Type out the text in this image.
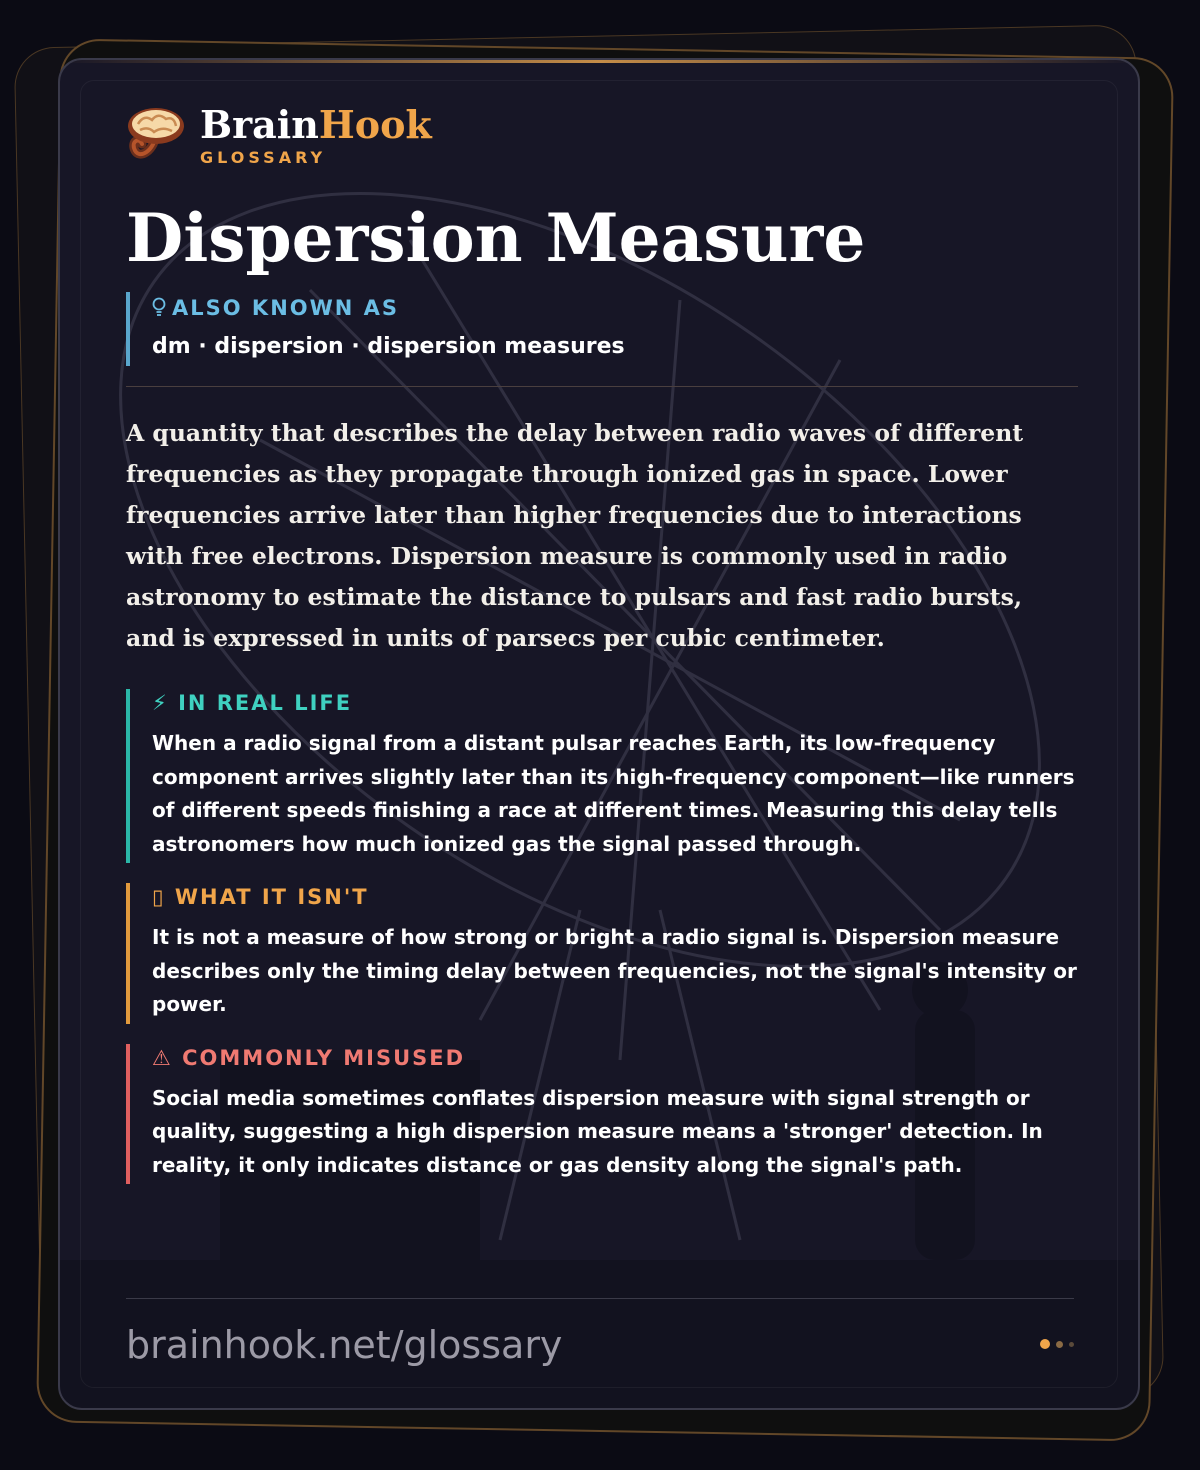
BrainHook
GLOSSARY
Dispersion Measure
ALSO KNOWN AS
dm · dispersion · dispersion measures
A quantity that describes the delay between radio waves of different frequencies as they propagate through ionized gas in space. Lower frequencies arrive later than higher frequencies due to interactions with free electrons. Dispersion measure is commonly used in radio astronomy to estimate the distance to pulsars and fast radio bursts, and is expressed in units of parsecs per cubic centimeter.
⚡ IN REAL LIFE
When a radio signal from a distant pulsar reaches Earth, its low-frequency component arrives slightly later than its high-frequency component—like runners of different speeds finishing a race at different times. Measuring this delay tells astronomers how much ionized gas the signal passed through.
▯ WHAT IT ISN'T
It is not a measure of how strong or bright a radio signal is. Dispersion measure describes only the timing delay between frequencies, not the signal's intensity or power.
⚠ COMMONLY MISUSED
Social media sometimes conflates dispersion measure with signal strength or quality, suggesting a high dispersion measure means a 'stronger' detection. In reality, it only indicates distance or gas density along the signal's path.
brainhook.net/glossary
